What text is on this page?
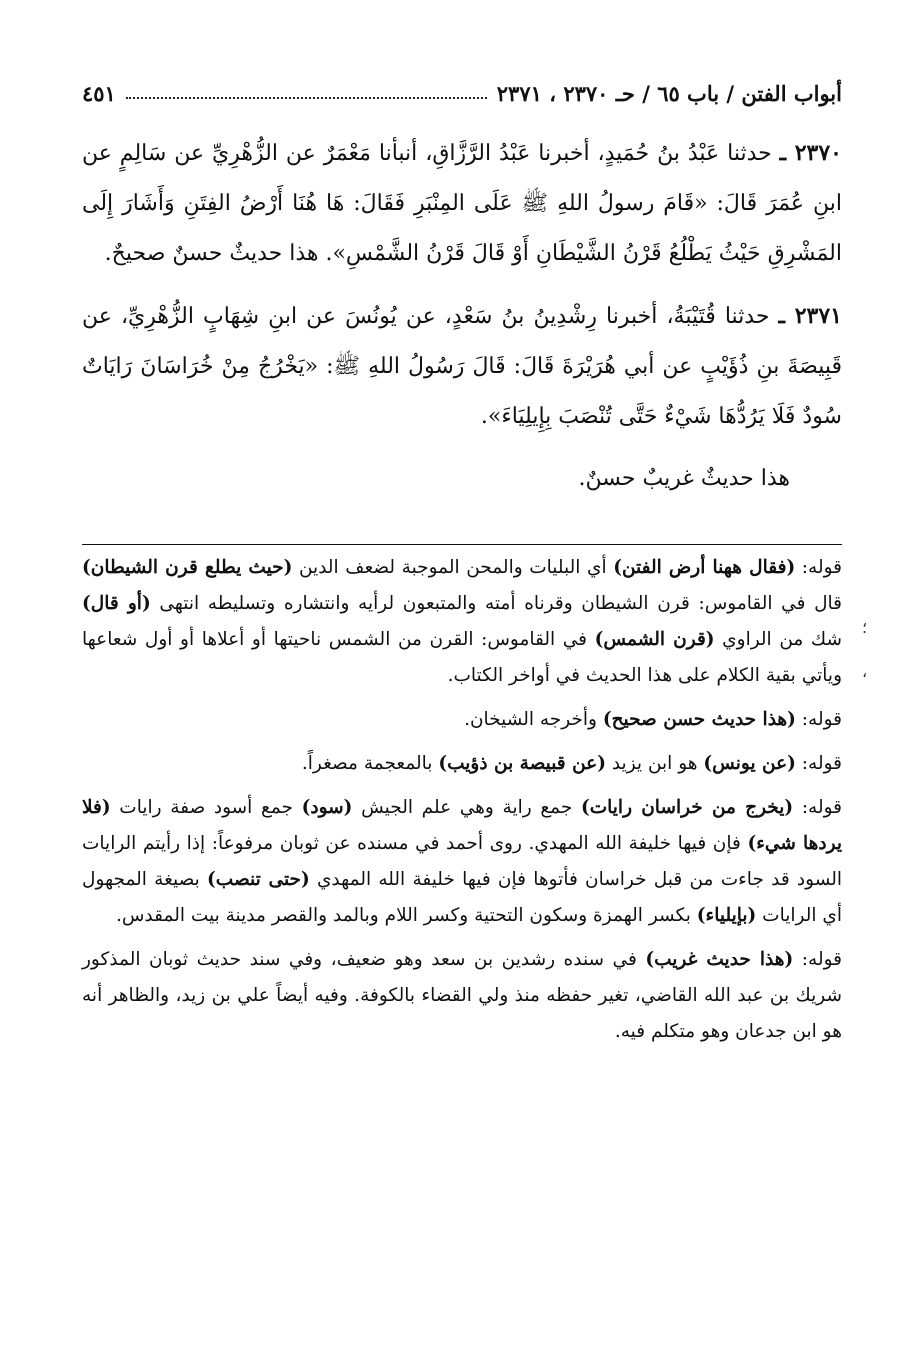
أبواب الفتن / باب ٦٥ / حـ ٢٣٧٠ ، ٢٣٧١
٤٥١

٢٣٧٠ ـ حدثنا عَبْدُ بنُ حُمَيدٍ، أخبرنا عَبْدُ الرَّزَّاقِ، أنبأنا مَعْمَرٌ عن الزُّهْرِيِّ عن سَالِمٍ عن ابنِ عُمَرَ قَالَ: «قَامَ رسولُ اللهِ ﷺ عَلَى المِنْبَرِ فَقَالَ: هَا هُنَا أَرْضُ الفِتَنِ وَأَشَارَ إِلَى المَشْرِقِ حَيْثُ يَطْلُعُ قَرْنُ الشَّيْطَانِ أَوْ قَالَ قَرْنُ الشَّمْسِ». هذا حديثٌ حسنٌ صحيحٌ.

٢٣٧١ ـ حدثنا قُتَيْبَةُ، أخبرنا رِشْدِينُ بنُ سَعْدٍ، عن يُونُسَ عن ابنِ شِهَابٍ الزُّهْرِيِّ، عن قَبِيصَةَ بنِ ذُؤَيْبٍ عن أبي هُرَيْرَةَ قَالَ: قَالَ رَسُولُ اللهِ ﷺ: «يَخْرُجُ مِنْ خُرَاسَانَ رَايَاتٌ سُودٌ فَلَا يَرُدُّهَا شَيْءٌ حَتَّى تُنْصَبَ بِإِيلِيَاءَ».

هذا حديثٌ غريبٌ حسنٌ.

قوله: (فقال ههنا أرض الفتن) أي البليات والمحن الموجبة لضعف الدين (حيث يطلع قرن الشيطان) قال في القاموس: قرن الشيطان وقرناه أمته والمتبعون لرأيه وانتشاره وتسليطه انتهى (أو قال) شك من الراوي (قرن الشمس) في القاموس: القرن من الشمس ناحيتها أو أعلاها أو أول شعاعها ويأتي بقية الكلام على هذا الحديث في أواخر الكتاب.

قوله: (هذا حديث حسن صحيح) وأخرجه الشيخان.

قوله: (عن يونس) هو ابن يزيد (عن قبيصة بن ذؤيب) بالمعجمة مصغراً.

قوله: (يخرج من خراسان رايات) جمع راية وهي علم الجيش (سود) جمع أسود صفة رايات (فلا يردها شيء) فإن فيها خليفة الله المهدي. روى أحمد في مسنده عن ثوبان مرفوعاً: إذا رأيتم الرايات السود قد جاءت من قبل خراسان فأتوها فإن فيها خليفة الله المهدي (حتى تنصب) بصيغة المجهول أي الرايات (بإيلياء) بكسر الهمزة وسكون التحتية وكسر اللام وبالمد والقصر مدينة بيت المقدس.

قوله: (هذا حديث غريب) في سنده رشدين بن سعد وهو ضعيف، وفي سند حديث ثوبان المذكور شريك بن عبد الله القاضي، تغير حفظه منذ ولي القضاء بالكوفة. وفيه أيضاً علي بن زيد، والظاهر أنه هو ابن جدعان وهو متكلم فيه.

؛
،
